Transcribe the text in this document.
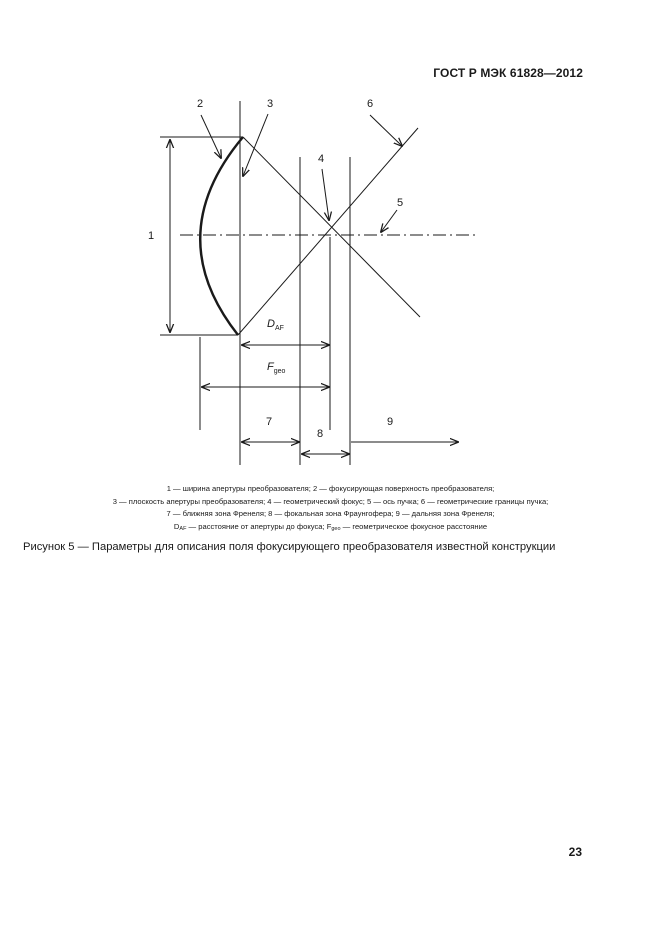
ГОСТ Р МЭК 61828—2012
1
2	3
4
5
6
7
8
9
$D_{AF}$
$F_{geo}$
1 — ширина апертуры преобразователя; 2 — фокусирующая поверхность преобразователя;
3 — плоскость апертуры преобразователя; 4 — геометрический фокус; 5 — ось пучка; 6 — геометрические границы пучка;
7 — ближняя зона Френеля; 8 — фокальная зона Фраунгофера; 9 — дальняя зона Френеля;
$D_{AF}$ — расстояние от апертуры до фокуса; $F_{geo}$ — геометрическое фокусное расстояние
Рисунок 5 — Параметры для описания поля фокусирующего преобразователя известной конструкции
23
